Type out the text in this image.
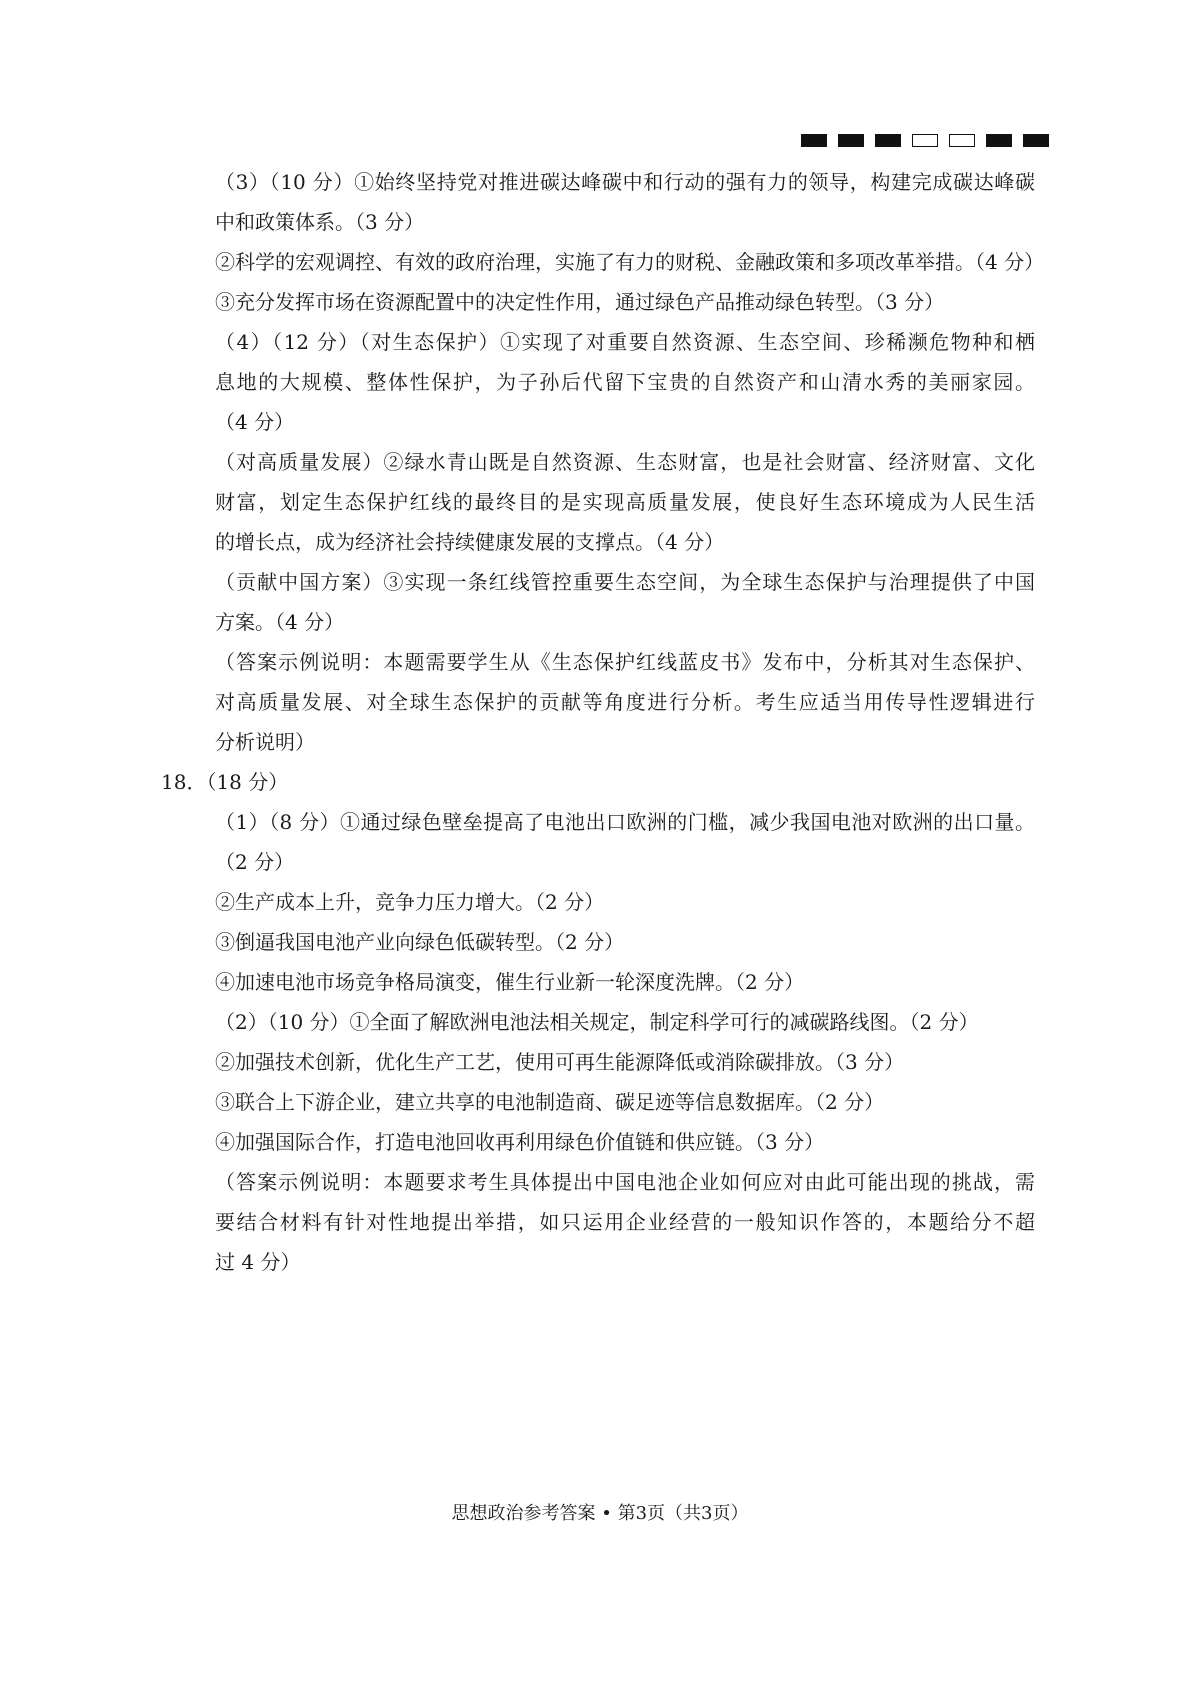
（3）（10 分）①始终坚持党对推进碳达峰碳中和行动的强有力的领导，构建完成碳达峰碳
中和政策体系。（3 分）
②科学的宏观调控、有效的政府治理，实施了有力的财税、金融政策和多项改革举措。（4 分）
③充分发挥市场在资源配置中的决定性作用，通过绿色产品推动绿色转型。（3 分）
（4）（12 分）（对生态保护）①实现了对重要自然资源、生态空间、珍稀濒危物种和栖
息地的大规模、整体性保护，为子孙后代留下宝贵的自然资产和山清水秀的美丽家园。
（4 分）
（对高质量发展）②绿水青山既是自然资源、生态财富，也是社会财富、经济财富、文化
财富，划定生态保护红线的最终目的是实现高质量发展，使良好生态环境成为人民生活
的增长点，成为经济社会持续健康发展的支撑点。（4 分）
（贡献中国方案）③实现一条红线管控重要生态空间，为全球生态保护与治理提供了中国
方案。（4 分）
（答案示例说明：本题需要学生从《生态保护红线蓝皮书》发布中，分析其对生态保护、
对高质量发展、对全球生态保护的贡献等角度进行分析。考生应适当用传导性逻辑进行
分析说明）
18．（18 分）
（1）（8 分）①通过绿色壁垒提高了电池出口欧洲的门槛，减少我国电池对欧洲的出口量。
（2 分）
②生产成本上升，竞争力压力增大。（2 分）
③倒逼我国电池产业向绿色低碳转型。（2 分）
④加速电池市场竞争格局演变，催生行业新一轮深度洗牌。（2 分）
（2）（10 分）①全面了解欧洲电池法相关规定，制定科学可行的减碳路线图。（2 分）
②加强技术创新，优化生产工艺，使用可再生能源降低或消除碳排放。（3 分）
③联合上下游企业，建立共享的电池制造商、碳足迹等信息数据库。（2 分）
④加强国际合作，打造电池回收再利用绿色价值链和供应链。（3 分）
（答案示例说明：本题要求考生具体提出中国电池企业如何应对由此可能出现的挑战，需
要结合材料有针对性地提出举措，如只运用企业经营的一般知识作答的，本题给分不超
过 4 分）
思想政治参考答案 • 第3页（共3页）
